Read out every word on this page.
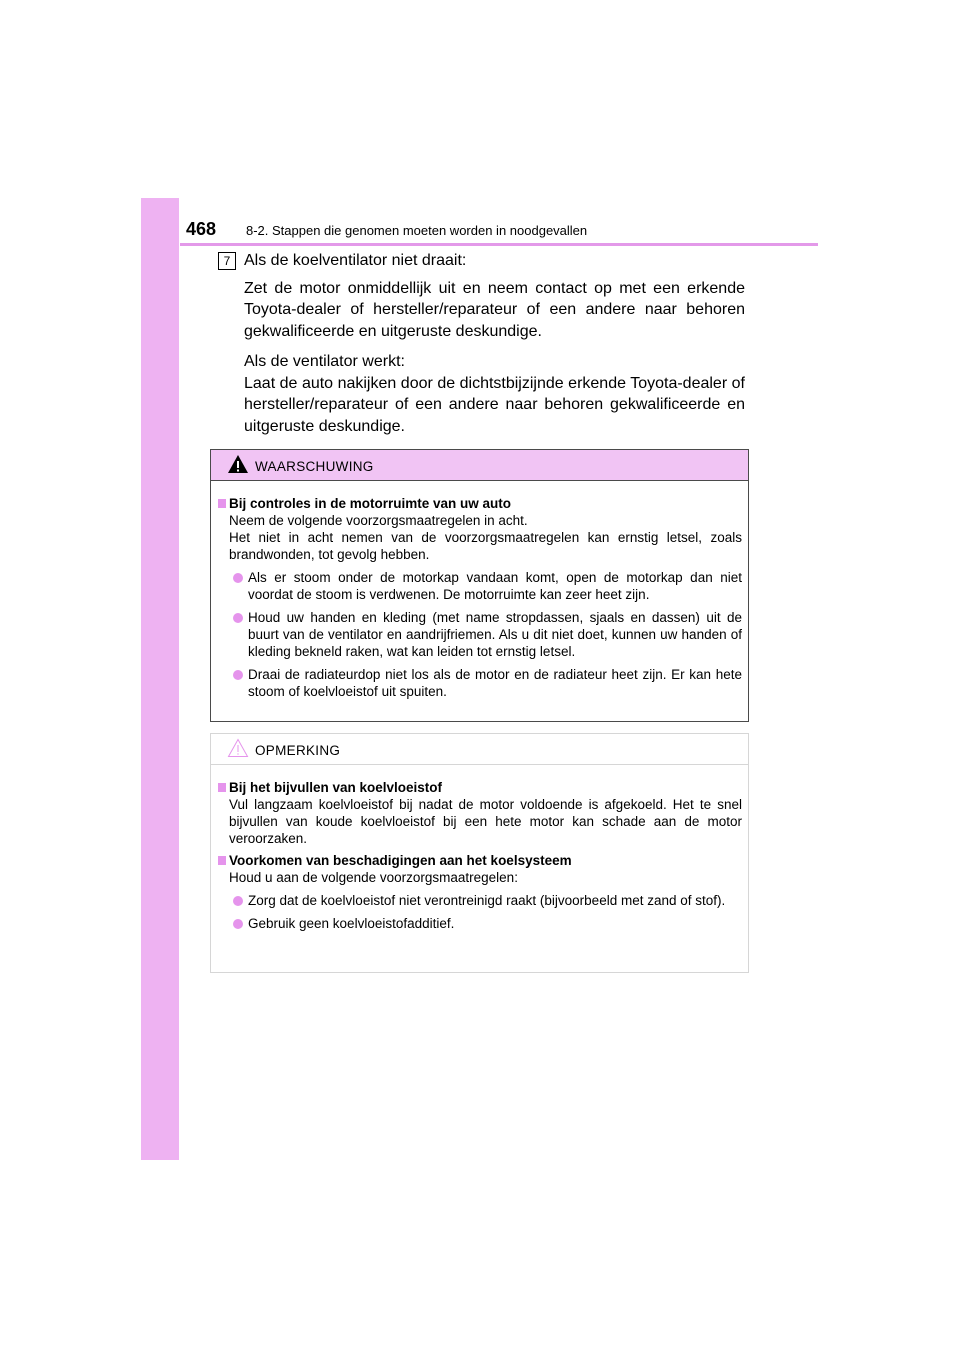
468 8-2. Stappen die genomen moeten worden in noodgevallen
7 Als de koelventilator niet draait:

Zet de motor onmiddellijk uit en neem contact op met een erkende Toyota-dealer of hersteller/reparateur of een andere naar behoren gekwalificeerde en uitgeruste deskundige.

Als de ventilator werkt:

Laat de auto nakijken door de dichtstbijzijnde erkende Toyota-dealer of hersteller/reparateur of een andere naar behoren gekwalificeerde en uitgeruste deskundige.

WAARSCHUWING
Bij controles in de motorruimte van uw auto

Neem de volgende voorzorgsmaatregelen in acht.

Het niet in acht nemen van de voorzorgsmaatregelen kan ernstig letsel, zoals brandwonden, tot gevolg hebben.

Als er stoom onder de motorkap vandaan komt, open de motorkap dan niet voordat de stoom is verdwenen. De motorruimte kan zeer heet zijn.
Houd uw handen en kleding (met name stropdassen, sjaals en dassen) uit de buurt van de ventilator en aandrijfriemen. Als u dit niet doet, kunnen uw handen of kleding bekneld raken, wat kan leiden tot ernstig letsel.
Draai de radiateurdop niet los als de motor en de radiateur heet zijn. Er kan hete stoom of koelvloeistof uit spuiten.
OPMERKING
Bij het bijvullen van koelvloeistof

Vul langzaam koelvloeistof bij nadat de motor voldoende is afgekoeld. Het te snel bijvullen van koude koelvloeistof bij een hete motor kan schade aan de motor veroorzaken.

Voorkomen van beschadigingen aan het koelsysteem

Houd u aan de volgende voorzorgsmaatregelen:

Zorg dat de koelvloeistof niet verontreinigd raakt (bijvoorbeeld met zand of stof).
Gebruik geen koelvloeistofadditief.
